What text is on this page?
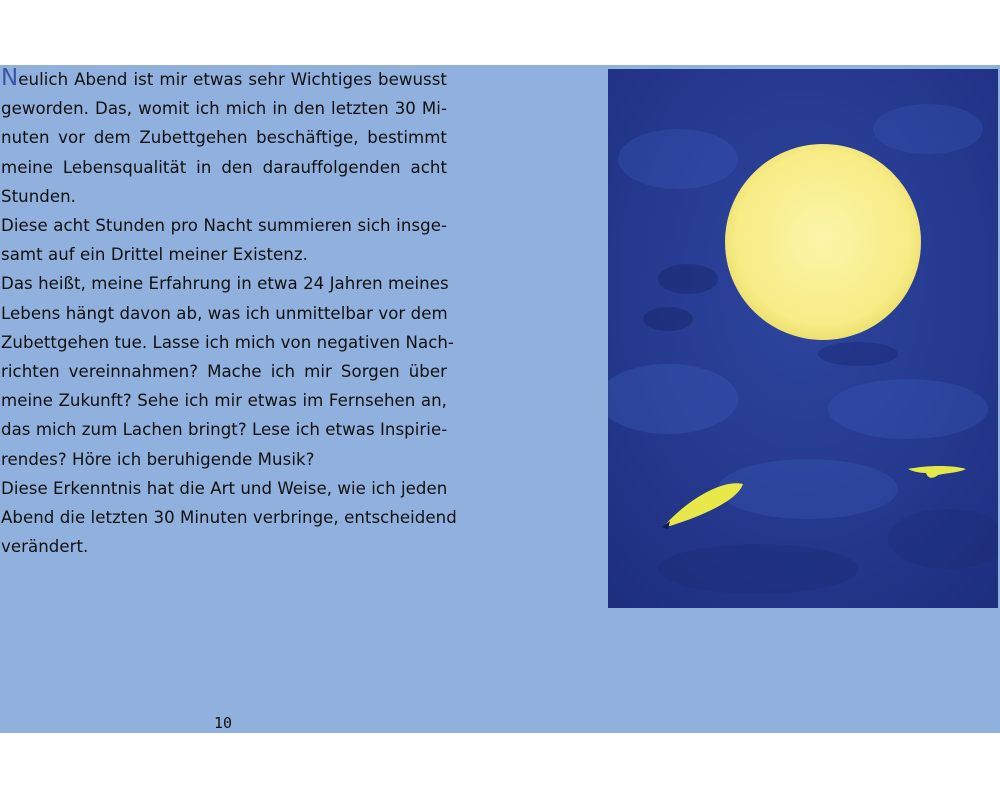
Neulich Abend ist mir etwas sehr Wichtiges bewusst
geworden. Das, womit ich mich in den letzten 30 Mi-
nuten vor dem Zubettgehen beschäftige, bestimmt
meine Lebensqualität in den darauffolgenden acht
Stunden.

Diese acht Stunden pro Nacht summieren sich insge-
samt auf ein Drittel meiner Existenz.

Das heißt, meine Erfahrung in etwa 24 Jahren meines
Lebens hängt davon ab, was ich unmittelbar vor dem
Zubettgehen tue. Lasse ich mich von negativen Nach-
richten vereinnahmen? Mache ich mir Sorgen über
meine Zukunft? Sehe ich mir etwas im Fernsehen an,
das mich zum Lachen bringt? Lese ich etwas Inspirie-
rendes? Höre ich beruhigende Musik?

Diese Erkenntnis hat die Art und Weise, wie ich jeden
Abend die letzten 30 Minuten verbringe, entscheidend
verändert.

10
